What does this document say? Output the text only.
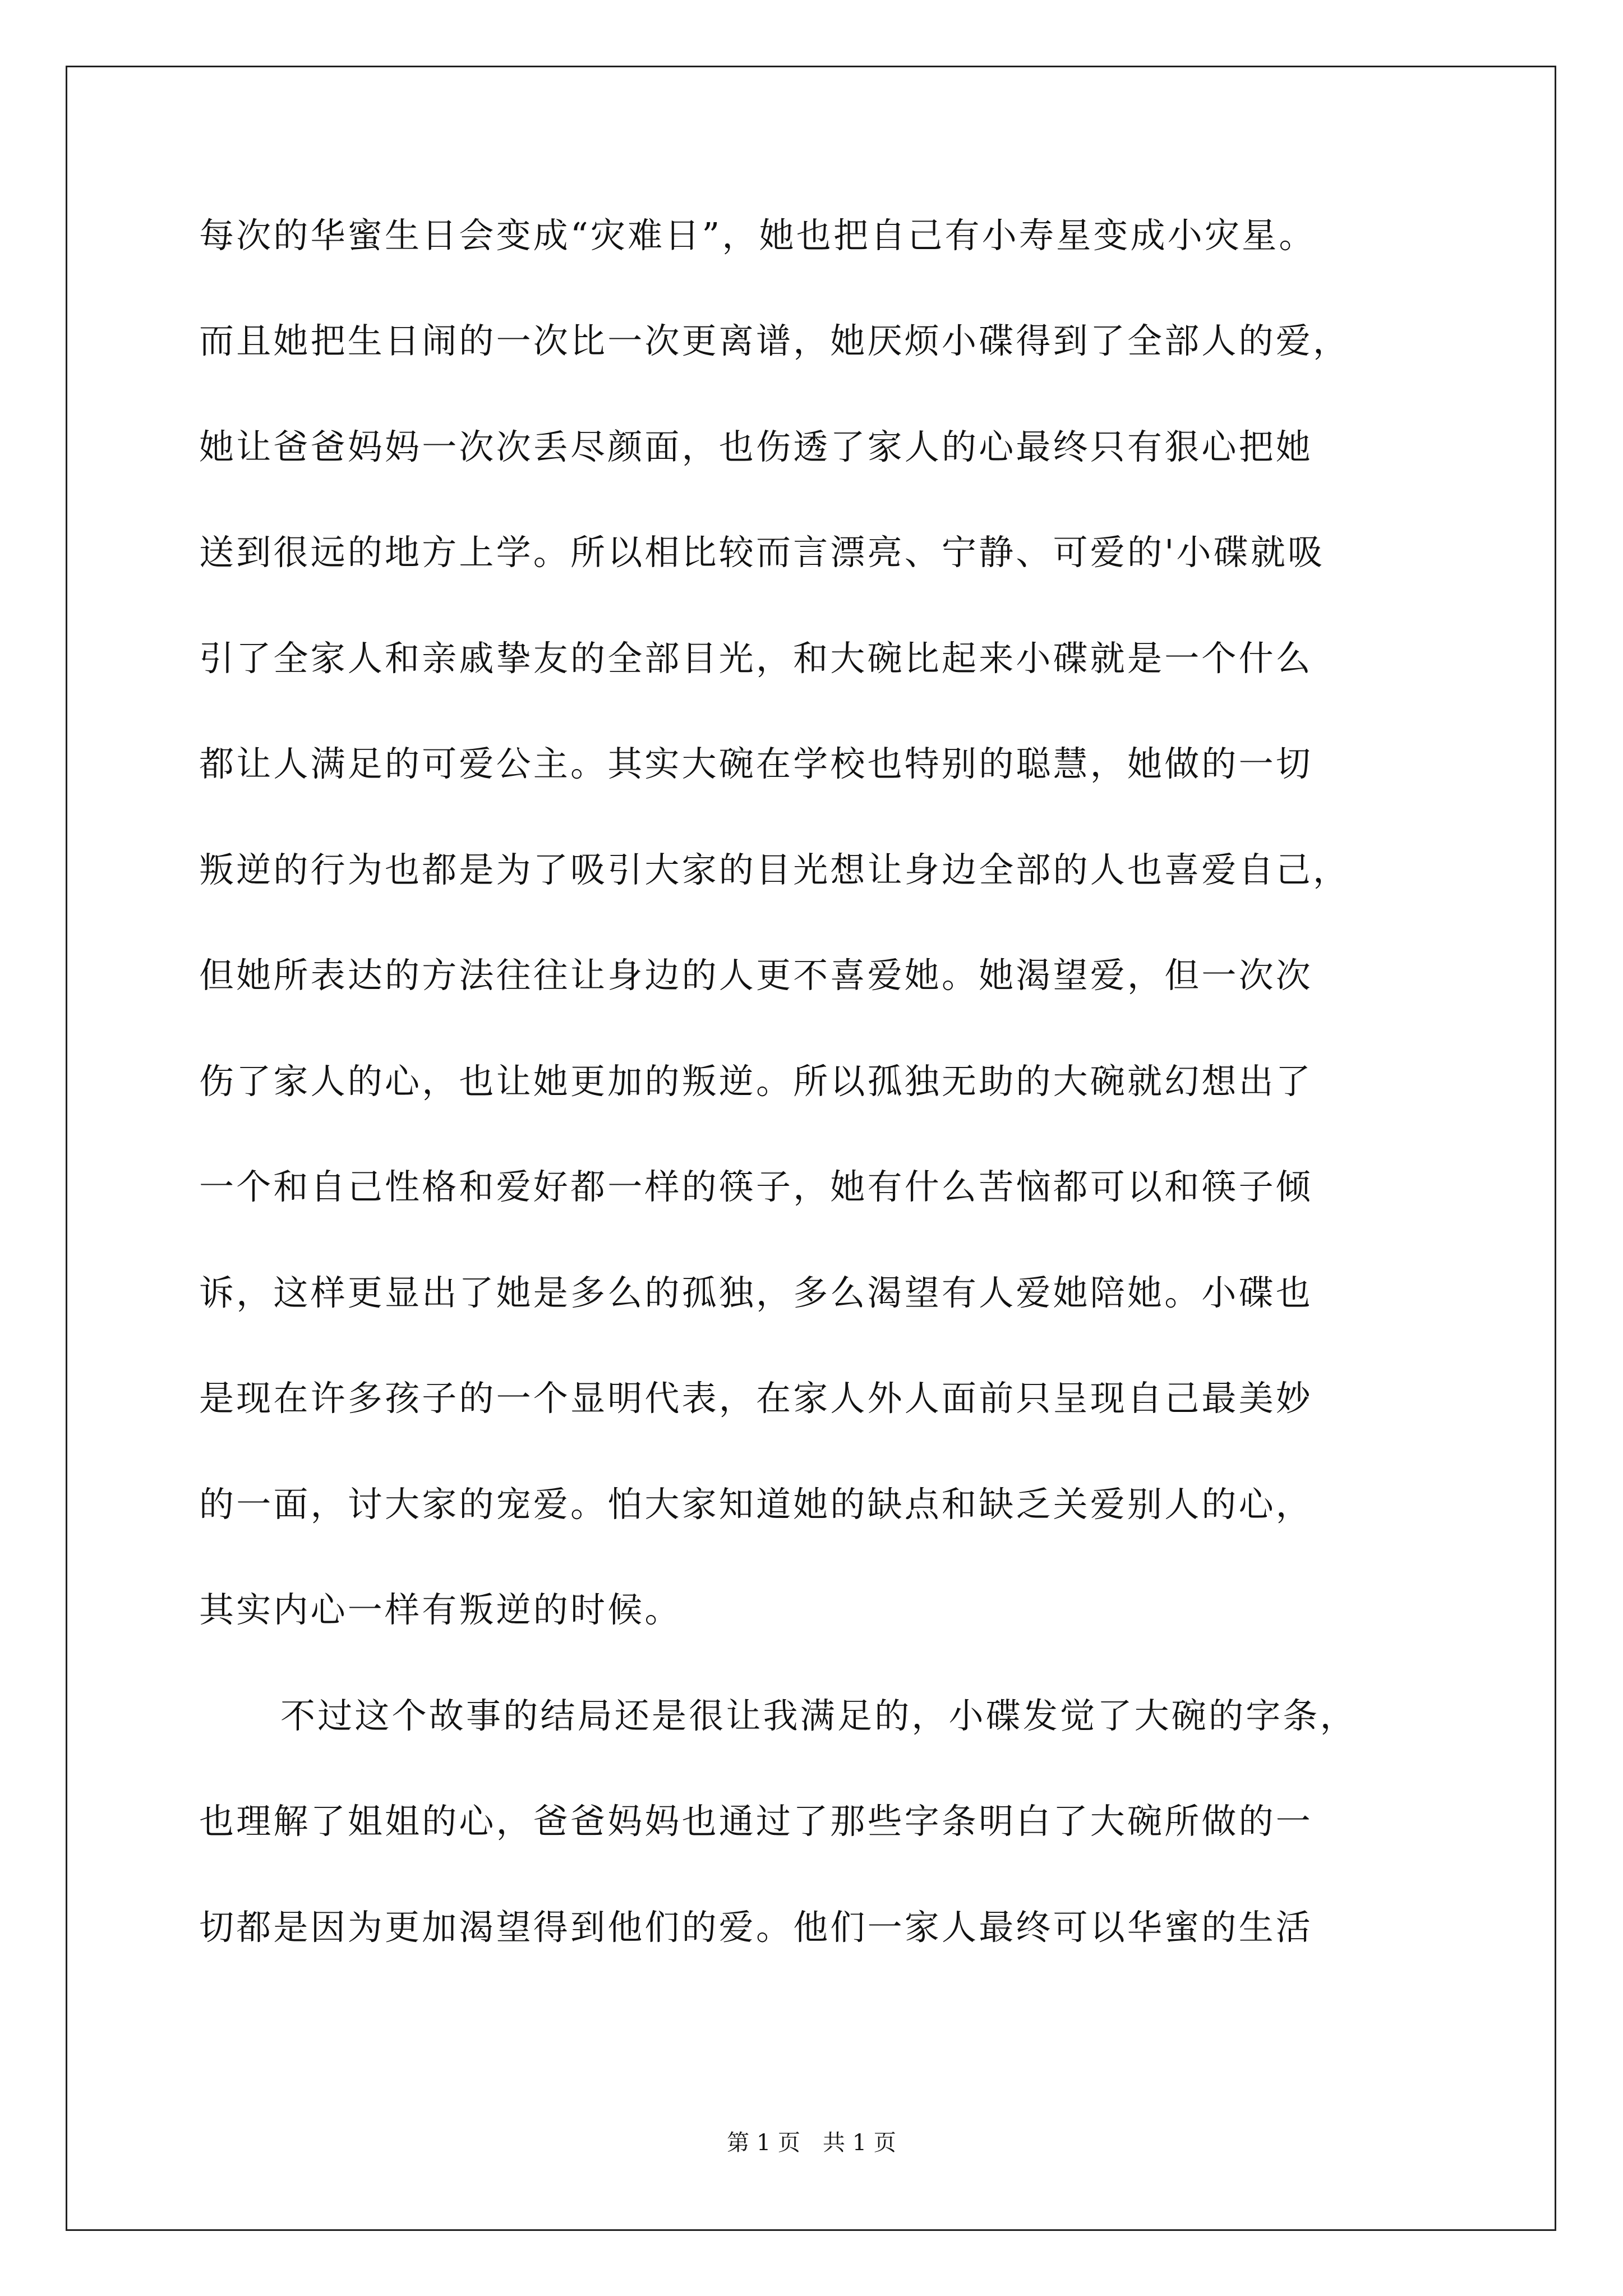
每次的华蜜生日会变成“灾难日”，她也把自己有小寿星变成小灾星。
而且她把生日闹的一次比一次更离谱，她厌烦小碟得到了全部人的爱，
她让爸爸妈妈一次次丢尽颜面，也伤透了家人的心最终只有狠心把她
送到很远的地方上学。所以相比较而言漂亮、宁静、可爱的'小碟就吸
引了全家人和亲戚挚友的全部目光，和大碗比起来小碟就是一个什么
都让人满足的可爱公主。其实大碗在学校也特别的聪慧，她做的一切
叛逆的行为也都是为了吸引大家的目光想让身边全部的人也喜爱自己，
但她所表达的方法往往让身边的人更不喜爱她。她渴望爱，但一次次
伤了家人的心，也让她更加的叛逆。所以孤独无助的大碗就幻想出了
一个和自己性格和爱好都一样的筷子，她有什么苦恼都可以和筷子倾
诉，这样更显出了她是多么的孤独，多么渴望有人爱她陪她。小碟也
是现在许多孩子的一个显明代表，在家人外人面前只呈现自己最美妙
的一面，讨大家的宠爱。怕大家知道她的缺点和缺乏关爱别人的心，
其实内心一样有叛逆的时候。
不过这个故事的结局还是很让我满足的，小碟发觉了大碗的字条，
也理解了姐姐的心，爸爸妈妈也通过了那些字条明白了大碗所做的一
切都是因为更加渴望得到他们的爱。他们一家人最终可以华蜜的生活
第 1 页 共 1 页
